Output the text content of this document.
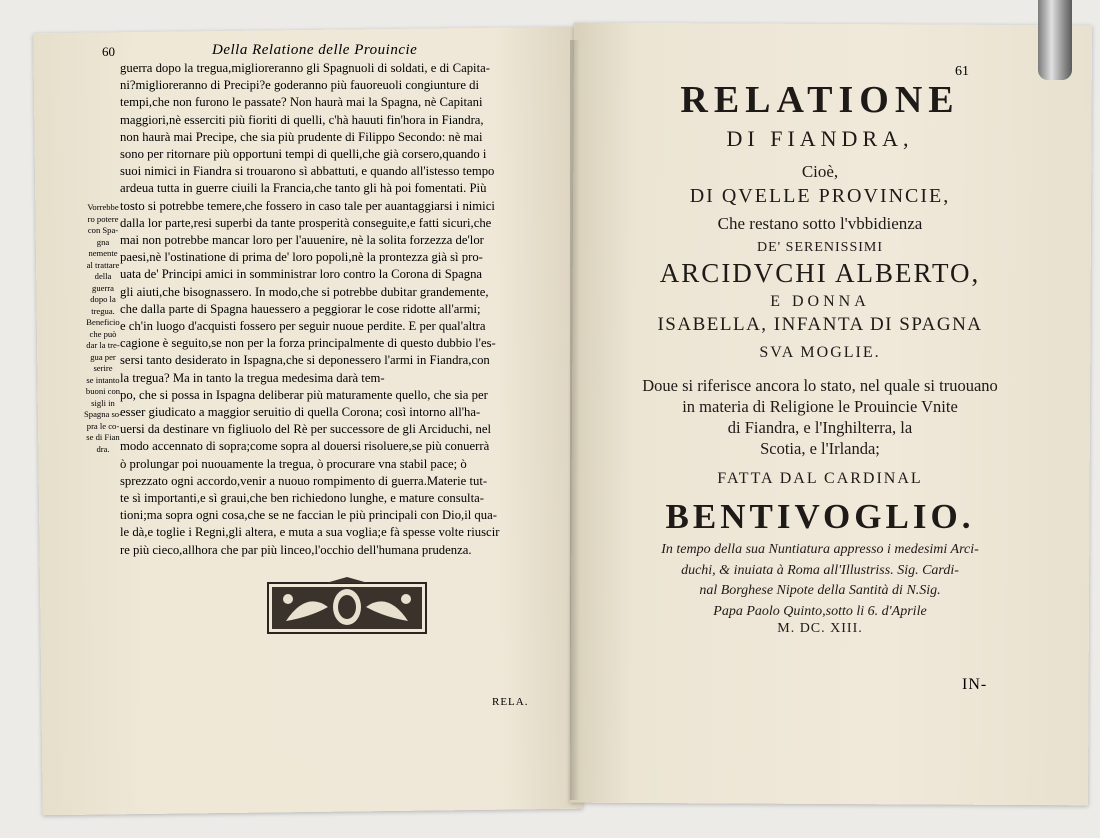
60	Della Relatione delle Prouincie
guerra dopo la tregua,miglioreranno gli Spagnuoli di soldati, e di Capita-
ni?miglioreranno di Precipi?e goderanno più fauoreuoli congiunture di
tempi,che non furono le passate? Non haurà mai la Spagna, nè Capitani
maggiori,nè esserciti più fioriti di quelli, c'hà hauuti fin'hora in Fiandra,
non haurà mai Precipe, che sia più prudente di Filippo Secondo: nè mai
sono per ritornare più opportuni tempi di quelli,che già corsero,quando i
suoi nimici in Fiandra si trouarono sì abbattuti, e quando all'istesso tempo
ardeua tutta in guerre ciuili la Francia,che tanto gli hà poi fomentati. Più
tosto si potrebbe temere,che fossero in caso tale per auantaggiarsi i nimici
dalla lor parte,resi superbi da tante prosperità conseguite,e fatti sicuri,che
mai non potrebbe mancar loro per l'auuenire, nè la solita forzezza de'lor
paesi,nè l'ostinatione di prima de' loro popoli,nè la prontezza già sì pro-
uata de' Principi amici in somministrar loro contro la Corona di Spagna
gli aiuti,che bisognassero. In modo,che si potrebbe dubitar grandemente,
che dalla parte di Spagna hauessero a peggiorar le cose ridotte all'armi;
e ch'in luogo d'acquisti fossero per seguir nuoue perdite. E per qual'altra
cagione è seguito,se non per la forza principalmente di questo dubbio l'es-
sersi tanto desiderato in Ispagna,che si deponessero l'armi in Fiandra,con
la tregua? Ma in tanto la tregua medesima darà tem-
po, che si possa in Ispagna deliberar più maturamente quello, che sia per
esser giudicato a maggior seruitio di quella Corona; così intorno all'ha-
uersi da destinare vn figliuolo del Rè per successore de gli Arciduchi, nel
modo accennato di sopra;come sopra al douersi risoluere,se più conuerrà
ò prolungar poi nuouamente la tregua, ò procurare vna stabil pace; ò
sprezzato ogni accordo,venir a nuouo rompimento di guerra.Materie tut-
te sì importanti,e sì graui,che ben richiedono lunghe, e mature consulta-
tioni;ma sopra ogni cosa,che se ne faccian le più principali con Dio,il qua-
le dà,e toglie i Regni,gli altera, e muta a sua voglia;e fà spesse volte riuscir
re più cieco,allhora che par più linceo,l'occhio dell'humana prudenza.
Vorrebbe
ro potere
con Spa-
gna
nemente
al trattare
della
guerra
dopo la
tregua.
Beneficio
che può
dar la tre-
gua per
serire
se intanto
buoni con
sigli in
Spagna so-
pra le co-
se di Fian
dra.
RELA.
61
RELATIONE
DI FIANDRA,
Cioè,
DI QVELLE PROVINCIE,
Che restano sotto l'vbbidienza
DE' SERENISSIMI
ARCIDVCHI ALBERTO,
E DONNA
ISABELLA, INFANTA DI SPAGNA
SVA MOGLIE.
Doue si riferisce ancora lo stato, nel quale si truouano
in materia di Religione le Prouincie Vnite
di Fiandra, e l'Inghilterra, la
Scotia, e l'Irlanda;
FATTA DAL CARDINAL
BENTIVOGLIO.
In tempo della sua Nuntiatura appresso i medesimi Arci-
duchi, & inuiata à Roma all'Illustriss. Sig. Cardi-
nal Borghese Nipote della Santità di N.Sig.
Papa Paolo Quinto,sotto li 6. d'Aprile
M. DC. XIII.
IN-
